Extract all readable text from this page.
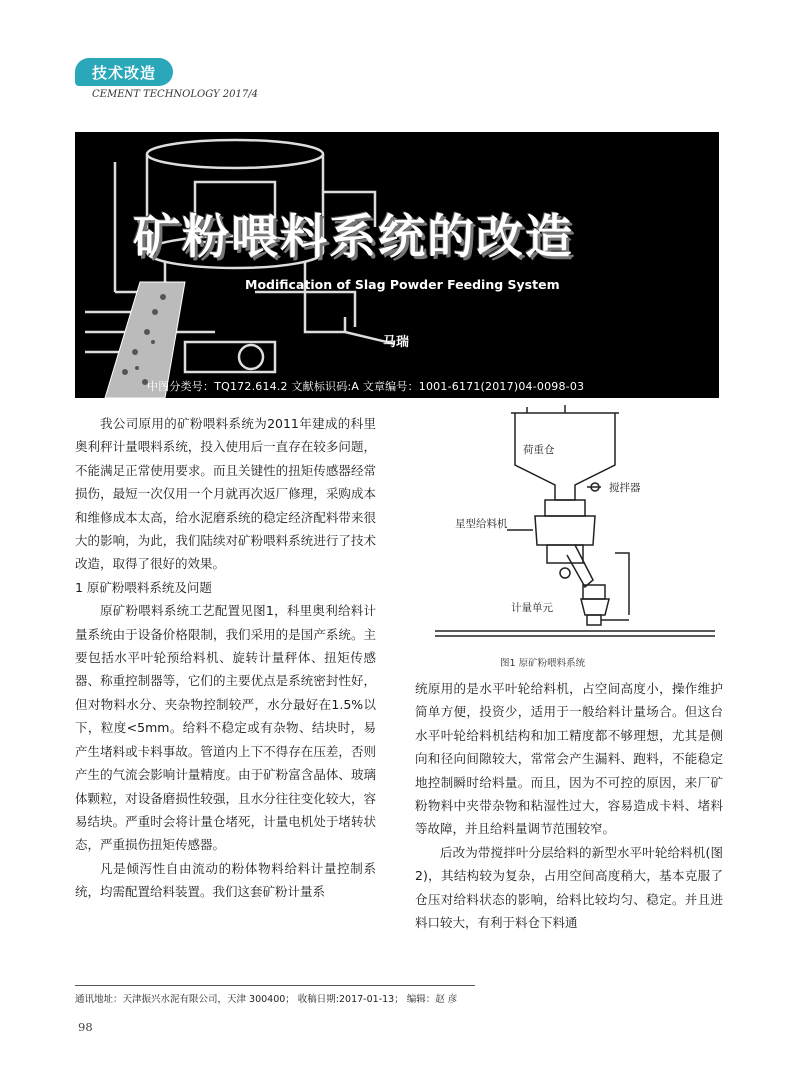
技术改造
CEMENT TECHNOLOGY 2017/4
矿粉喂料系统的改造
Modification of Slag Powder Feeding System
马瑞
中图分类号：TQ172.614.2 文献标识码:A 文章编号：1001-6171(2017)04-0098-03

我公司原用的矿粉喂料系统为2011年建成的科里奥利秤计量喂料系统，投入使用后一直存在较多问题，不能满足正常使用要求。而且关键性的扭矩传感器经常损伤，最短一次仅用一个月就再次返厂修理，采购成本和维修成本太高，给水泥磨系统的稳定经济配料带来很大的影响，为此，我们陆续对矿粉喂料系统进行了技术改造，取得了很好的效果。

1 原矿粉喂料系统及问题

原矿粉喂料系统工艺配置见图1，科里奥利给料计量系统由于设备价格限制，我们采用的是国产系统。主要包括水平叶轮预给料机、旋转计量秤体、扭矩传感器、称重控制器等，它们的主要优点是系统密封性好，但对物料水分、夹杂物控制较严，水分最好在1.5%以下，粒度<5mm。给料不稳定或有杂物、结块时，易产生堵料或卡料事故。管道内上下不得存在压差，否则产生的气流会影响计量精度。由于矿粉富含晶体、玻璃体颗粒，对设备磨损性较强，且水分往往变化较大，容易结块。严重时会将计量仓堵死，计量电机处于堵转状态，严重损伤扭矩传感器。

凡是倾泻性自由流动的粉体物料给料计量控制系统，均需配置给料装置。我们这套矿粉计量系

荷重仓
搅拌器
星型给料机
计量单元
图1 原矿粉喂料系统

统原用的是水平叶轮给料机，占空间高度小，操作维护简单方便，投资少，适用于一般给料计量场合。但这台水平叶轮给料机结构和加工精度都不够理想，尤其是侧向和径向间隙较大，常常会产生漏料、跑料，不能稳定地控制瞬时给料量。而且，因为不可控的原因，来厂矿粉物料中夹带杂物和粘湿性过大，容易造成卡料、堵料等故障，并且给料量调节范围较窄。

后改为带搅拌叶分层给料的新型水平叶轮给料机(图2)，其结构较为复杂，占用空间高度稍大，基本克服了仓压对给料状态的影响，给料比较均匀、稳定。并且进料口较大，有利于料仓下料通

通讯地址：天津振兴水泥有限公司，天津 300400； 收稿日期:2017-01-13； 编辑：赵 彦
98
